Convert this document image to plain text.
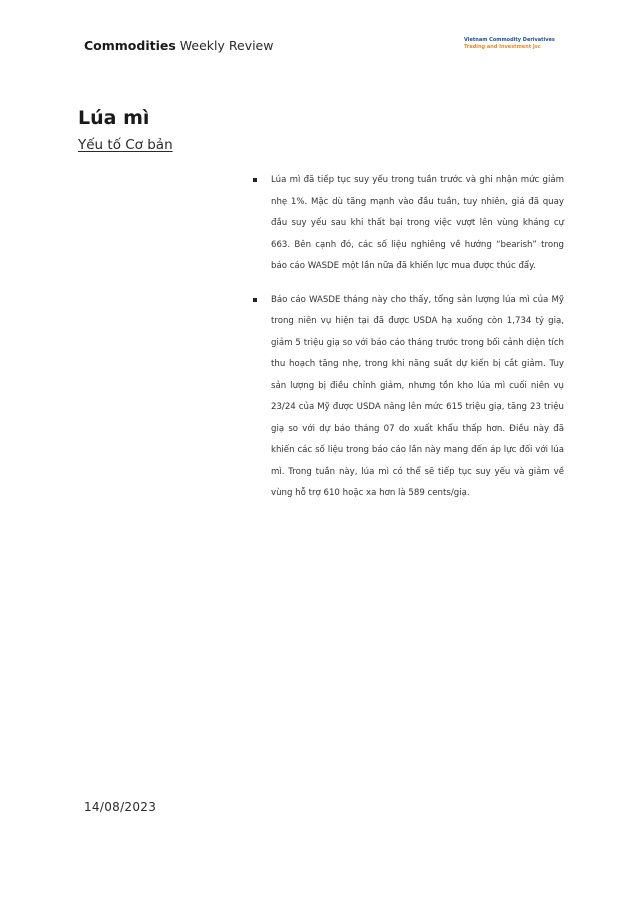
Commodities Weekly Review	Vietnam Commodity Derivatives
Trading and Investment Jsc
Lúa mì
Yếu tố Cơ bản
Lúa mì đã tiếp tục suy yếu trong tuần trước và ghi nhận mức giảm nhẹ 1%. Mặc dù tăng mạnh vào đầu tuần, tuy nhiên, giá đã quay đầu suy yếu sau khi thất bại trong việc vượt lên vùng kháng cự 663. Bên cạnh đó, các số liệu nghiêng về hướng “bearish” trong báo cáo WASDE một lần nữa đã khiến lực mua được thúc đẩy.
Báo cáo WASDE tháng này cho thấy, tổng sản lượng lúa mì của Mỹ trong niên vụ hiện tại đã được USDA hạ xuống còn 1,734 tỷ giạ, giảm 5 triệu giạ so với báo cáo tháng trước trong bối cảnh diện tích thu hoạch tăng nhẹ, trong khi năng suất dự kiến bị cắt giảm. Tuy sản lượng bị điều chỉnh giảm, nhưng tồn kho lúa mì cuối niên vụ 23/24 của Mỹ được USDA nâng lên mức 615 triệu giạ, tăng 23 triệu giạ so với dự báo tháng 07 do xuất khẩu thấp hơn. Điều này đã khiến các số liệu trong báo cáo lần này mang đến áp lực đối với lúa mì. Trong tuần này, lúa mì có thể sẽ tiếp tục suy yếu và giảm về vùng hỗ trợ 610 hoặc xa hơn là 589 cents/giạ.
14/08/2023
